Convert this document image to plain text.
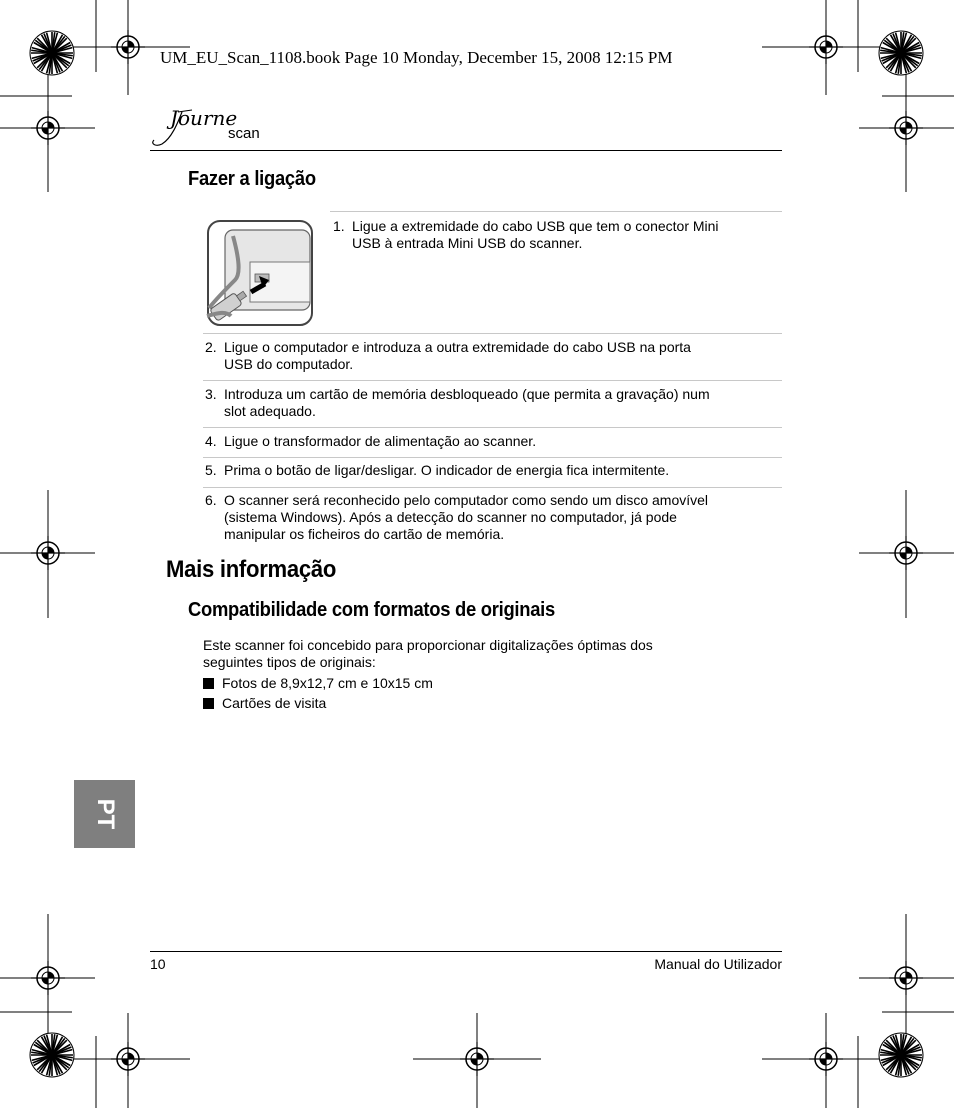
UM_EU_Scan_1108.book Page 10 Monday, December 15, 2008 12:15 PM
Journe
scan
Fazer a ligação
1. Ligue a extremidade do cabo USB que tem o conector Mini
USB à entrada Mini USB do scanner.
2. Ligue o computador e introduza a outra extremidade do cabo USB na porta
USB do computador.
3. Introduza um cartão de memória desbloqueado (que permita a gravação) num
slot adequado.
4. Ligue o transformador de alimentação ao scanner.
5. Prima o botão de ligar/desligar. O indicador de energia fica intermitente.
6. O scanner será reconhecido pelo computador como sendo um disco amovível
(sistema Windows). Após a detecção do scanner no computador, já pode
manipular os ficheiros do cartão de memória.
Mais informação
Compatibilidade com formatos de originais
Este scanner foi concebido para proporcionar digitalizações óptimas dos
seguintes tipos de originais:
Fotos de 8,9x12,7 cm e 10x15 cm
Cartões de visita
PT
10	Manual do Utilizador
